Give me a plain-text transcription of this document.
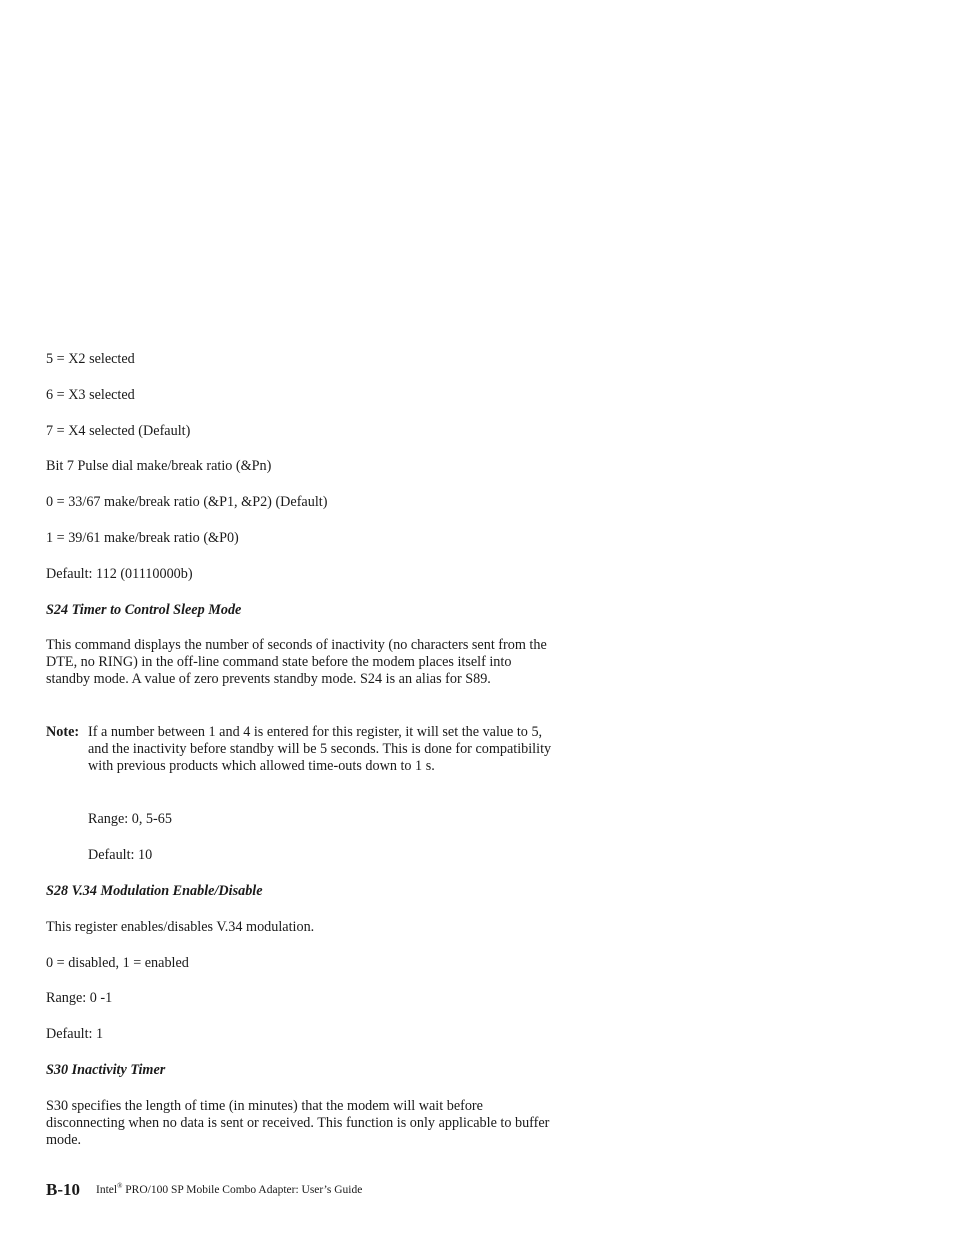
5 = X2 selected

6 = X3 selected

7 = X4 selected (Default)

Bit 7 Pulse dial make/break ratio (&Pn)

0 = 33/67 make/break ratio (&P1, &P2) (Default)

1 = 39/61 make/break ratio (&P0)

Default: 112 (01110000b)

S24 Timer to Control Sleep Mode

This command displays the number of seconds of inactivity (no characters sent from the DTE, no RING) in the off-line command state before the modem places itself into standby mode. A value of zero prevents standby mode. S24 is an alias for S89.

Note: If a number between 1 and 4 is entered for this register, it will set the value to 5, and the inactivity before standby will be 5 seconds. This is done for compatibility with previous products which allowed time-outs down to 1 s.

Range: 0, 5-65

Default: 10

S28 V.34 Modulation Enable/Disable

This register enables/disables V.34 modulation.

0 = disabled, 1 = enabled

Range: 0 -1

Default: 1

S30 Inactivity Timer

S30 specifies the length of time (in minutes) that the modem will wait before disconnecting when no data is sent or received. This function is only applicable to buffer mode.

B-10 Intel® PRO/100 SP Mobile Combo Adapter: User’s Guide
